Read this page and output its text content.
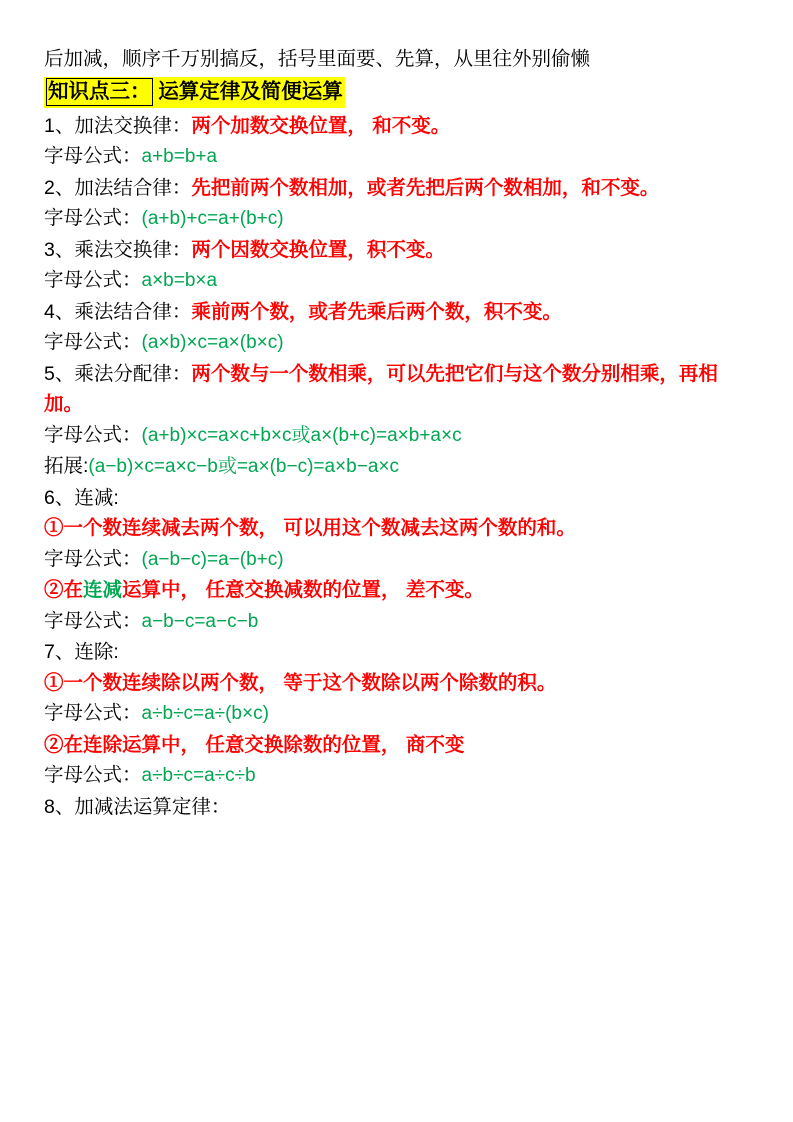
后加减，顺序千万别搞反，括号里面要、先算，从里往外别偷懒
知识点三： 运算定律及简便运算
1、加法交换律：两个加数交换位置， 和不变。
字母公式：a+b=b+a
2、加法结合律：先把前两个数相加，或者先把后两个数相加，和不变。
字母公式：(a+b)+c=a+(b+c)
3、乘法交换律：两个因数交换位置，积不变。
字母公式：a×b=b×a
4、乘法结合律：乘前两个数，或者先乘后两个数，积不变。
字母公式：(a×b)×c=a×(b×c)
5、乘法分配律：两个数与一个数相乘，可以先把它们与这个数分别相乘，再相加。
字母公式：(a+b)×c=a×c+b×c或a×(b+c)=a×b+a×c
拓展:(a−b)×c=a×c−b或=a×(b−c)=a×b−a×c
6、连减:
①一个数连续减去两个数， 可以用这个数减去这两个数的和。
字母公式：(a−b−c)=a−(b+c)
②在连减运算中， 任意交换减数的位置， 差不变。
字母公式：a−b−c=a−c−b
7、连除:
①一个数连续除以两个数， 等于这个数除以两个除数的积。
字母公式：a÷b÷c=a÷(b×c)
②在连除运算中， 任意交换除数的位置， 商不变
字母公式：a÷b÷c=a÷c÷b
8、加减法运算定律：
